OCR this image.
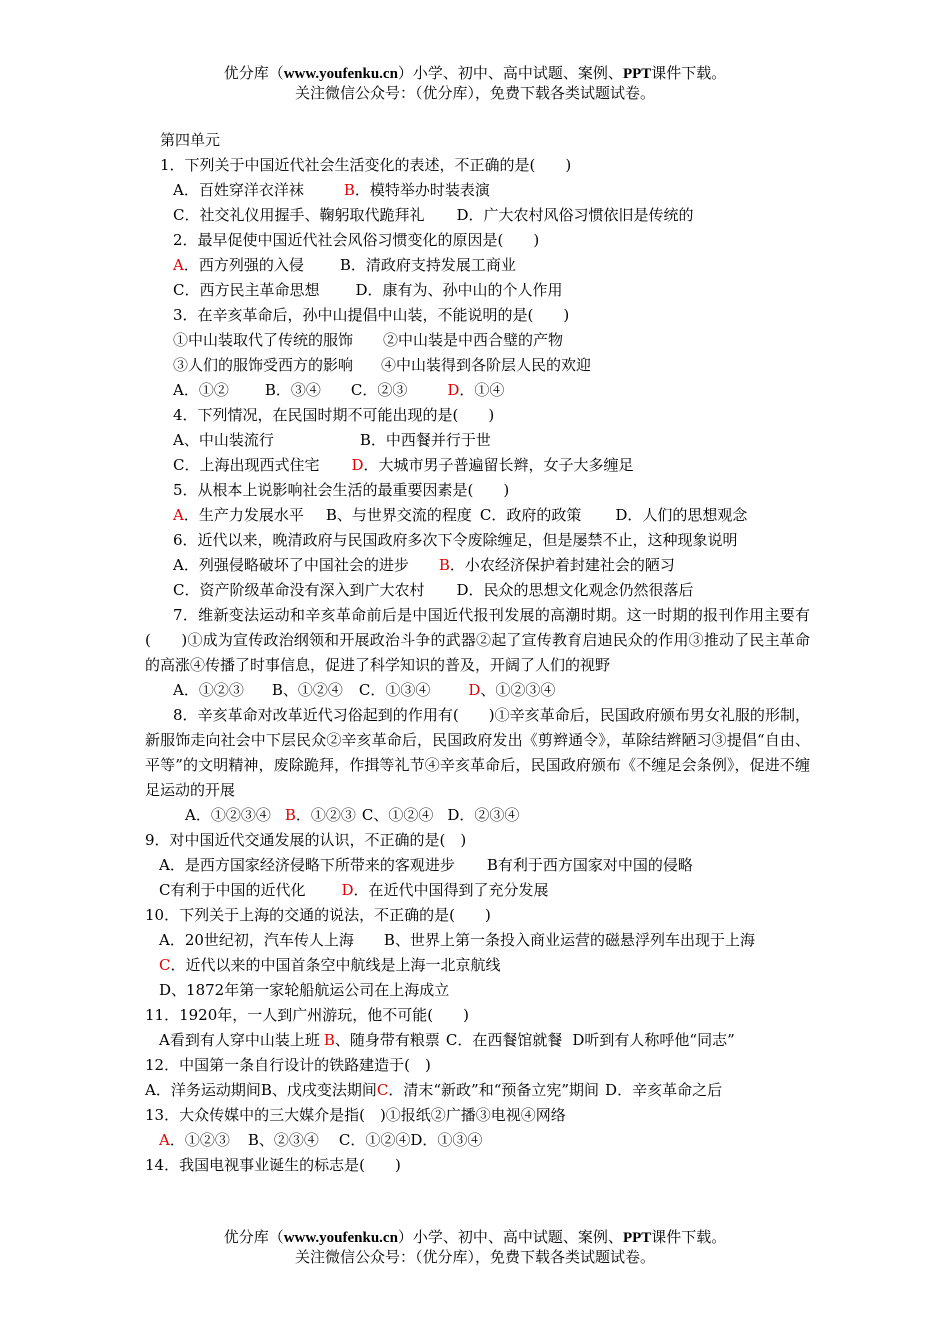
优分库（www.youfenku.cn）小学、初中、高中试题、案例、PPT课件下载。
关注微信公众号：（优分库），免费下载各类试题试卷。
第四单元
1．下列关于中国近代社会生活变化的表述，不正确的是(　　)
A．百姓穿洋衣洋袜	B．模特举办时装表演
C．社交礼仪用握手、鞠躬取代跪拜礼 D．广大农村风俗习惯依旧是传统的
2．最早促使中国近代社会风俗习惯变化的原因是(　　)
A．西方列强的入侵 B．清政府支持发展工商业
C．西方民主革命思想 D．康有为、孙中山的个人作用
3．在辛亥革命后，孙中山提倡中山装，不能说明的是(　　)
①中山装取代了传统的服饰 ②中山装是中西合璧的产物
③人们的服饰受西方的影响 ④中山装得到各阶层人民的欢迎
A．①② B．③④ C．②③	D．①④
4．下列情况，在民国时期不可能出现的是(　　)
A、中山装流行	B．中西餐并行于世
C．上海出现西式住宅 D．大城市男子普遍留长辫，女子大多缠足
5．从根本上说影响社会生活的最重要因素是(　　)
A．生产力发展水平 B、与世界交流的程度 C．政府的政策 D．人们的思想观念
6．近代以来，晚清政府与民国政府多次下令废除缠足，但是屡禁不止，这种现象说明
A．列强侵略破坏了中国社会的进步 B．小农经济保护着封建社会的陋习
C．资产阶级革命没有深入到广大农村 D．民众的思想文化观念仍然很落后
7．维新变法运动和辛亥革命前后是中国近代报刊发展的高潮时期。这一时期的报刊作用主要有(　　)①成为宣传政治纲领和开展政治斗争的武器②起了宣传教育启迪民众的作用③推动了民主革命的高涨④传播了时事信息，促进了科学知识的普及，开阔了人们的视野
A．①②③ B、①②④ C．①③④	D、①②③④
8．辛亥革命对改革近代习俗起到的作用有(　　)①辛亥革命后，民国政府颁布男女礼服的形制，新服饰走向社会中下层民众②辛亥革命后，民国政府发出《剪辫通令》，革除结辫陋习③提倡“自由、平等”的文明精神，废除跪拜，作揖等礼节④辛亥革命后，民国政府颁布《不缠足会条例》，促进不缠足运动的开展
A．①②③④ B．①②③ C、①②④ D．②③④
9．对中国近代交通发展的认识，不正确的是(　)
A．是西方国家经济侵略下所带来的客观进步 B有利于西方国家对中国的侵略
C有利于中国的近代化 D．在近代中国得到了充分发展
10．下列关于上海的交通的说法，不正确的是(　　)
A．20世纪初，汽车传人上海　　B、世界上第一条投入商业运营的磁悬浮列车出现于上海
C．近代以来的中国首条空中航线是上海一北京航线
D、1872年第一家轮船航运公司在上海成立
11．1920年，一人到广州游玩，他不可能(　　)
A看到有人穿中山装上班 B、随身带有粮票 C．在西餐馆就餐 D听到有人称呼他“同志”
12．中国第一条自行设计的铁路建造于(　)
A．洋务运动期间B、戊戌变法期间C．清末“新政”和“预备立宪”期间 D．辛亥革命之后
13．大众传媒中的三大媒介是指(　)①报纸②广播③电视④网络
A．①②③ B、②③④ C．①②④D．①③④
14．我国电视事业诞生的标志是(　　)
优分库（www.youfenku.cn）小学、初中、高中试题、案例、PPT课件下载。
关注微信公众号：（优分库），免费下载各类试题试卷。
